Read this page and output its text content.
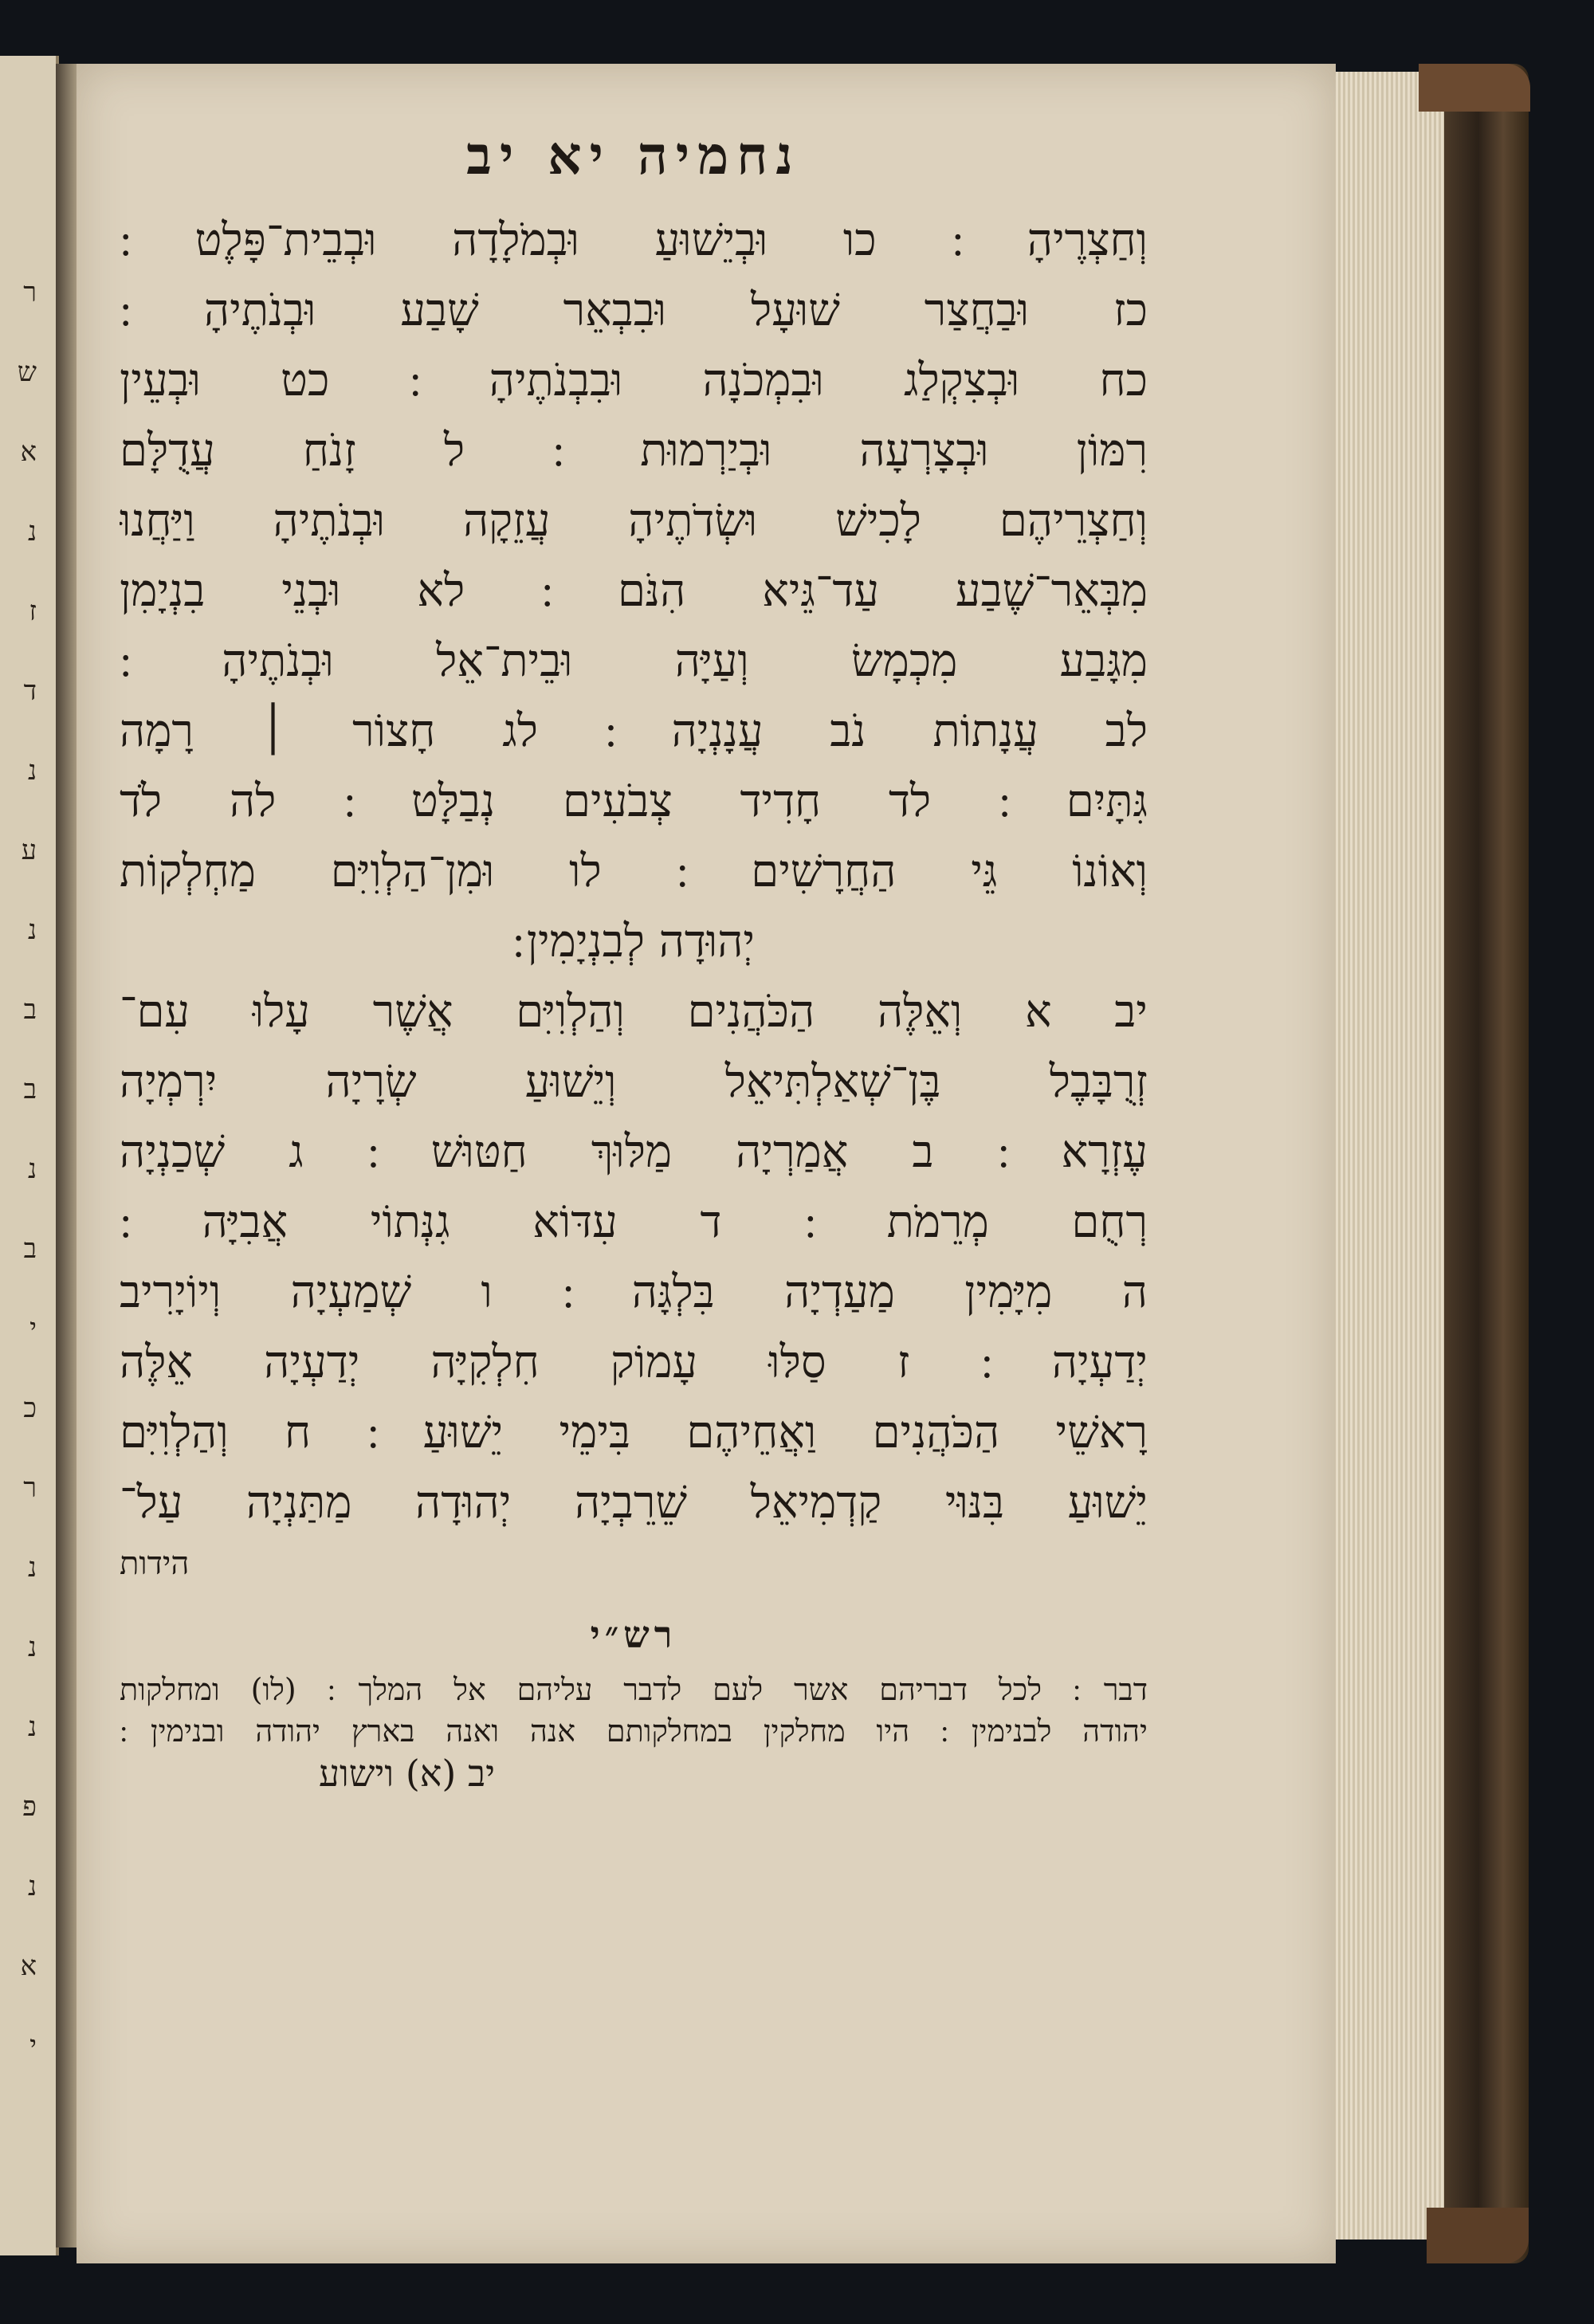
ר
ש
א
נ
ז
ד
נ
ע
נ
ב
ב
נ
ב
י
כ
ר
נ
נ
נ
פ
נ
א
י
נחמיה יא יב
וְחַצְרֶיהָ ׃ כו וּבְיֵשׁוּעַ וּבְמֹלָדָה וּבְבֵית־פָּלֶט ׃
כז וּבַחֲצַר שׁוּעָל וּבִבְאֵר שָׁבַע וּבְנֹתֶיהָ ׃
כח וּבְצִקְלַג וּבִמְכֹנָה וּבִבְנֹתֶיהָ ׃ כט וּבְעֵין
רִמּוֹן וּבְצָרְעָה וּבְיַרְמוּת ׃ ל זָנֹחַ עֲדֻלָּם
וְחַצְרֵיהֶם לָכִישׁ וּשְׂדֹתֶיהָ עֲזֵקָה וּבְנֹתֶיהָ וַיַּחֲנוּ
מִבְּאֵר־שֶׁבַע עַד־גֵּיא הִנֹּם ׃ לא וּבְנֵי בִנְיָמִן
מִגָּבַע מִכְמָשׂ וְעַיָּה וּבֵית־אֵל וּבְנֹתֶיהָ ׃
לב עֲנָתוֹת נֹב עֲנָנְיָה ׃ לג חָצוֹר ׀ רָמָה
גִּתָּיִם ׃ לד חָדִיד צְבֹעִים נְבַלָּט ׃ לה לֹד
וְאוֹנוֹ גֵּי הַחֲרָשִׁים ׃ לו וּמִן־הַלְוִיִּם מַחְלְקוֹת
יְהוּדָה לְבִנְיָמִין ׃
יב א וְאֵלֶּה הַכֹּהֲנִים וְהַלְוִיִּם אֲשֶׁר עָלוּ עִם־
זְרֻבָּבֶל בֶּן־שְׁאַלְתִּיאֵל וְיֵשׁוּעַ שְׂרָיָה יִרְמְיָה
עֶזְרָא ׃ ב אֲמַרְיָה מַלּוּךְ חַטּוּשׁ ׃ ג שְׁכַנְיָה
רְחֻם מְרֵמֹת ׃ ד עִדּוֹא גִנְּתוֹי אֲבִיָּה ׃
ה מִיָּמִין מַעַדְיָה בִּלְגָּה ׃ ו שְׁמַעְיָה וְיוֹיָרִיב
יְדַעְיָה ׃ ז סַלּוּ עָמוֹק חִלְקִיָּה יְדַעְיָה אֵלֶּה
רָאשֵׁי הַכֹּהֲנִים וַאֲחֵיהֶם בִּימֵי יֵשׁוּעַ ׃ ח וְהַלְוִיִּם
יֵשׁוּעַ בִּנּוּי קַדְמִיאֵל שֵׁרֵבְיָה יְהוּדָה מַתַּנְיָה עַל־
הידות
רש״י
דבר ׃ לכל דבריהם אשר לעם לדבר עליהם אל המלך ׃ (לו) ומחלקות
יהודה לבנימין ׃ היו מחלקין במחלקותם אנה ואנה בארץ יהודה ובנימין ׃
יב (א) וישוע
